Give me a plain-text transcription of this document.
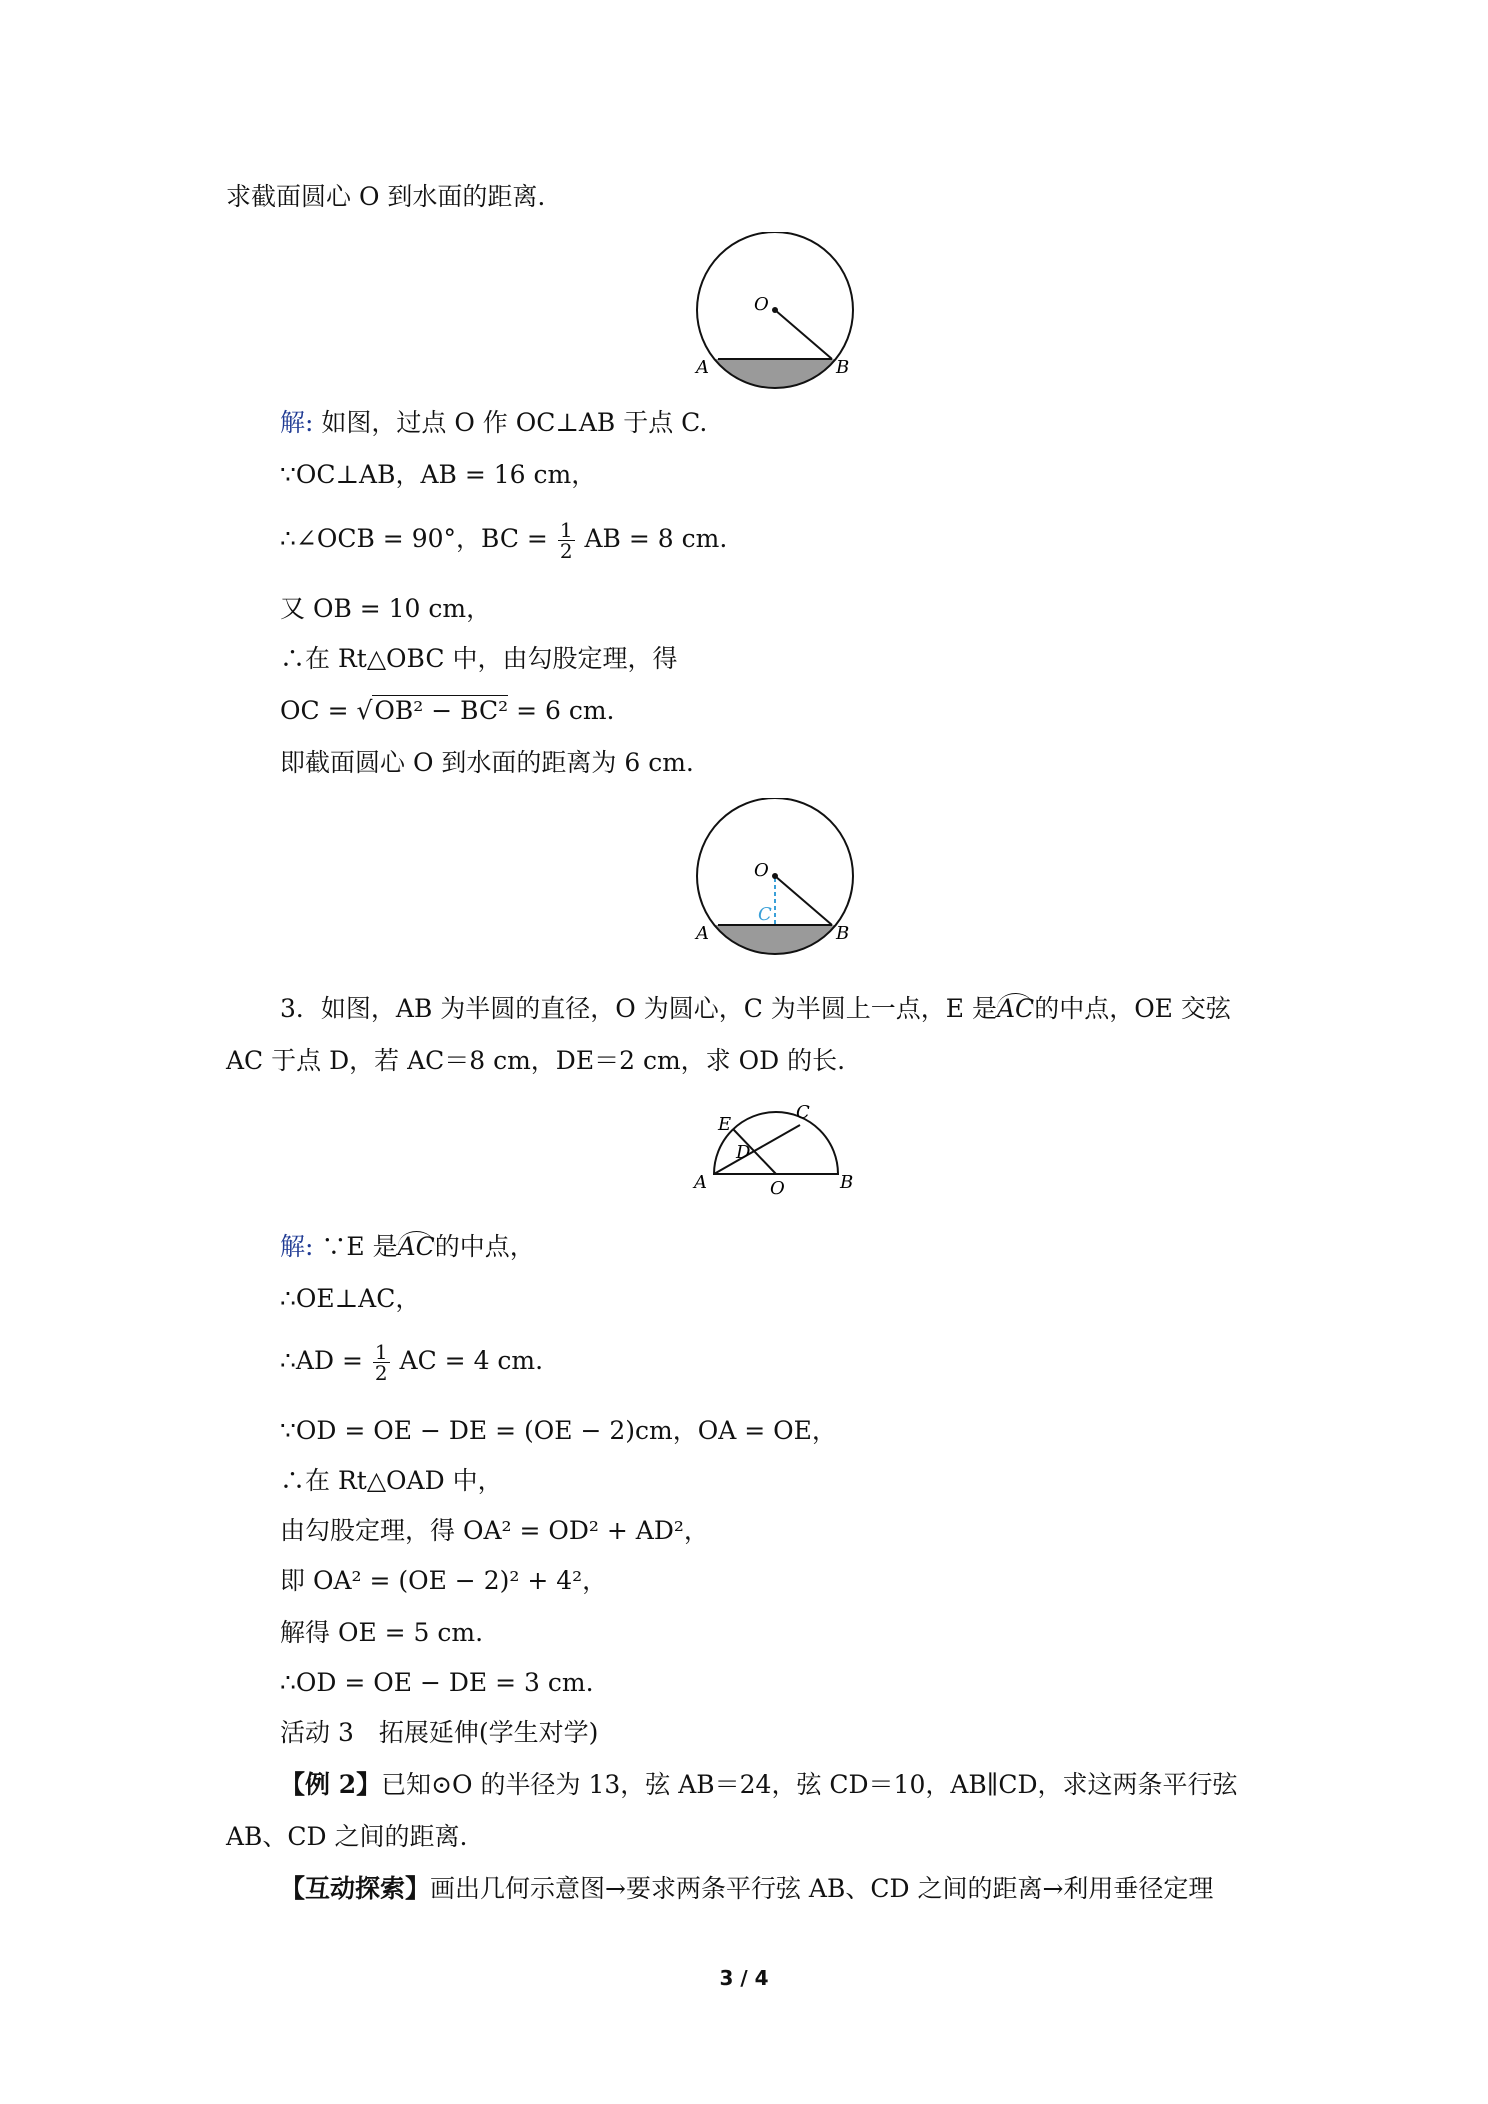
求截面圆心 O 到水面的距离.
O
A	B
解: 如图，过点 O 作 OC⊥AB 于点 C.
∵OC⊥AB，AB = 16 cm，
∴∠OCB = 90°，BC = $\frac{1}{2}$ AB = 8 cm.
又 OB = 10 cm，
∴在 Rt△OBC 中，由勾股定理，得
OC = √OB² − BC² = 6 cm.
即截面圆心 O 到水面的距离为 6 cm.
O
C
A	B
3．如图，AB 为半圆的直径，O 为圆心，C 为半圆上一点，E 是AC的中点，OE 交弦
AC 于点 D，若 AC＝8 cm，DE＝2 cm，求 OD 的长.
E
C
D
A	O	B
解: ∵E 是AC的中点，
∴OE⊥AC，
∴AD = $\frac{1}{2}$ AC = 4 cm.
∵OD = OE − DE = (OE − 2)cm，OA = OE，
∴在 Rt△OAD 中，
由勾股定理，得 OA² = OD² + AD²，
即 OA² = (OE − 2)² + 4²，
解得 OE = 5 cm.
∴OD = OE − DE = 3 cm.
活动 3　拓展延伸(学生对学)
【例 2】已知⊙O 的半径为 13，弦 AB＝24，弦 CD＝10，AB∥CD，求这两条平行弦
AB、CD 之间的距离.
【互动探索】画出几何示意图→要求两条平行弦 AB、CD 之间的距离→利用垂径定理
3 / 4
